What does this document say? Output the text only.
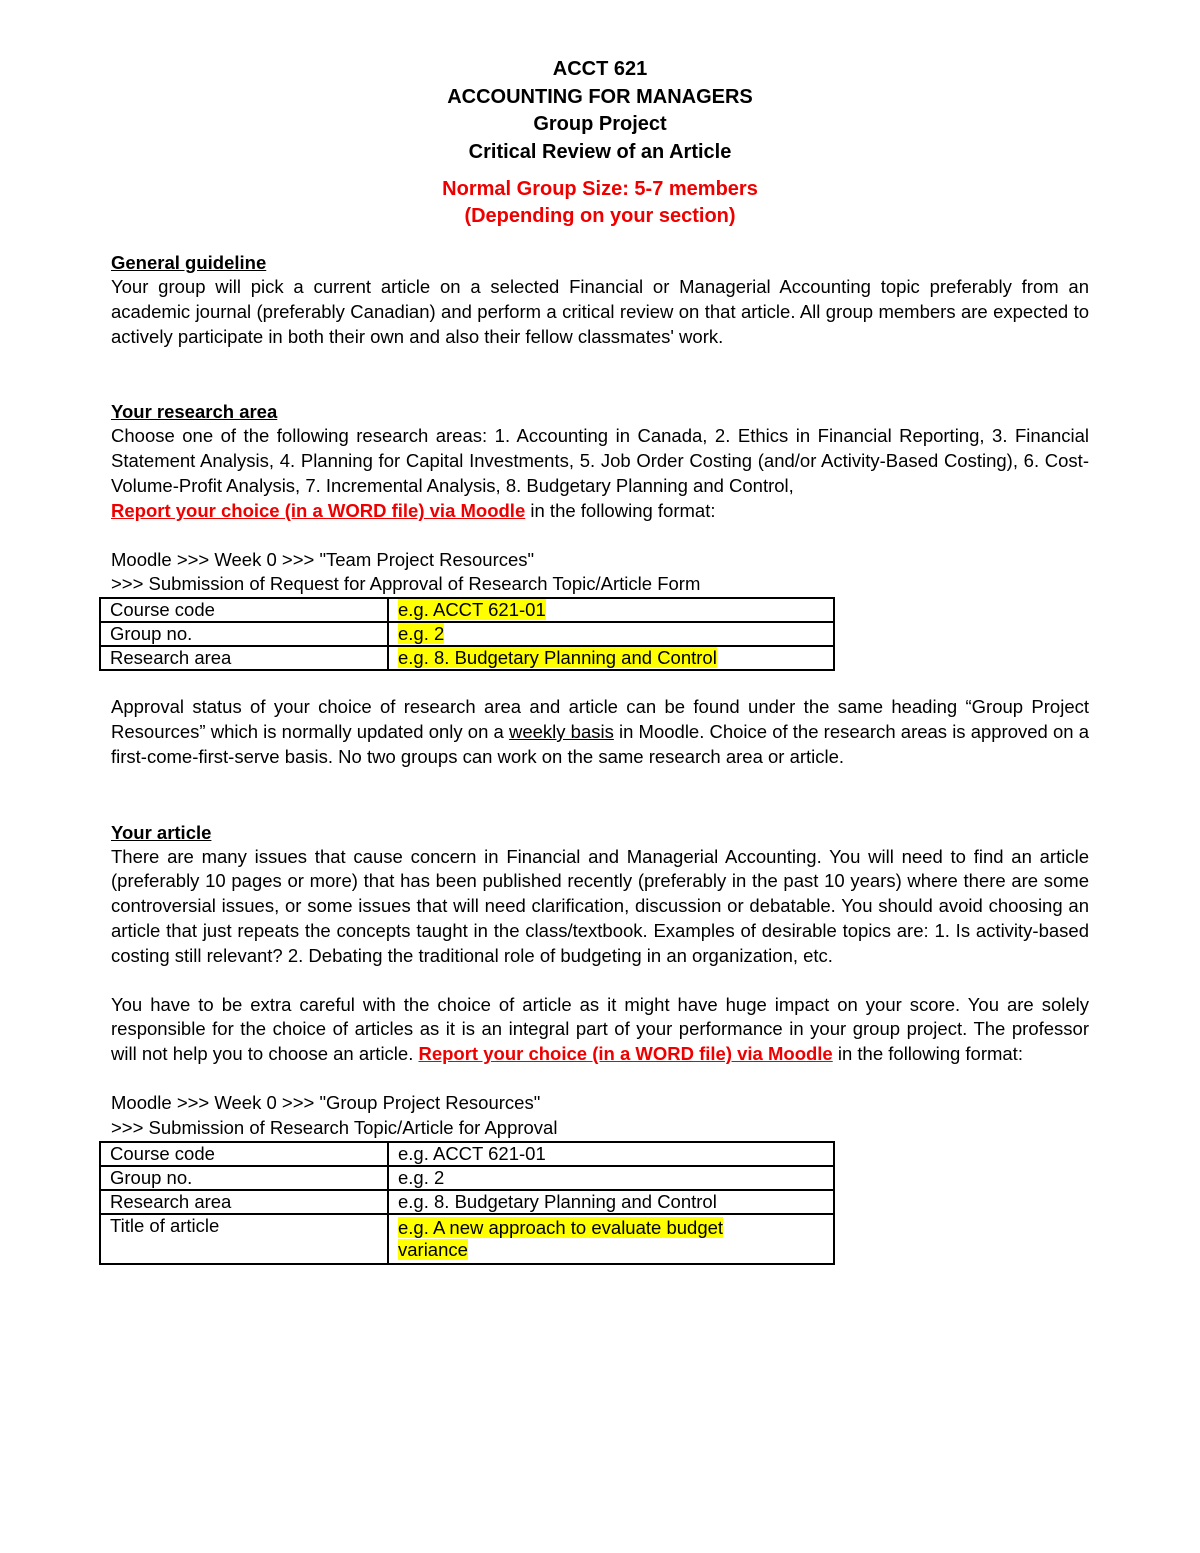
ACCT 621
ACCOUNTING FOR MANAGERS
Group Project
Critical Review of an Article
Normal Group Size: 5-7 members
(Depending on your section)
General guideline

Your group will pick a current article on a selected Financial or Managerial Accounting topic preferably from an academic journal (preferably Canadian) and perform a critical review on that article. All group members are expected to actively participate in both their own and also their fellow classmates' work.

Your research area

Choose one of the following research areas: 1. Accounting in Canada, 2. Ethics in Financial Reporting, 3. Financial Statement Analysis, 4. Planning for Capital Investments, 5. Job Order Costing (and/or Activity-Based Costing), 6. Cost-Volume-Profit Analysis, 7. Incremental Analysis, 8. Budgetary Planning and Control,

Report your choice (in a WORD file) via Moodle in the following format:

Moodle >>> Week 0 >>> "Team Project Resources"

>>> Submission of Request for Approval of Research Topic/Article Form

Course code	e.g. ACCT 621-01
Group no.	e.g. 2
Research area	e.g. 8. Budgetary Planning and Control

Approval status of your choice of research area and article can be found under the same heading “Group Project Resources” which is normally updated only on a weekly basis in Moodle. Choice of the research areas is approved on a first-come-first-serve basis. No two groups can work on the same research area or article.

Your article

There are many issues that cause concern in Financial and Managerial Accounting. You will need to find an article (preferably 10 pages or more) that has been published recently (preferably in the past 10 years) where there are some controversial issues, or some issues that will need clarification, discussion or debatable. You should avoid choosing an article that just repeats the concepts taught in the class/textbook. Examples of desirable topics are: 1. Is activity-based costing still relevant? 2. Debating the traditional role of budgeting in an organization, etc.

You have to be extra careful with the choice of article as it might have huge impact on your score. You are solely responsible for the choice of articles as it is an integral part of your performance in your group project. The professor will not help you to choose an article. Report your choice (in a WORD file) via Moodle in the following format:

Moodle >>> Week 0 >>> "Group Project Resources"

>>> Submission of Research Topic/Article for Approval

Course code	e.g. ACCT 621-01
Group no.	e.g. 2
Research area	e.g. 8. Budgetary Planning and Control
Title of article	e.g. A new approach to evaluate budget
variance
